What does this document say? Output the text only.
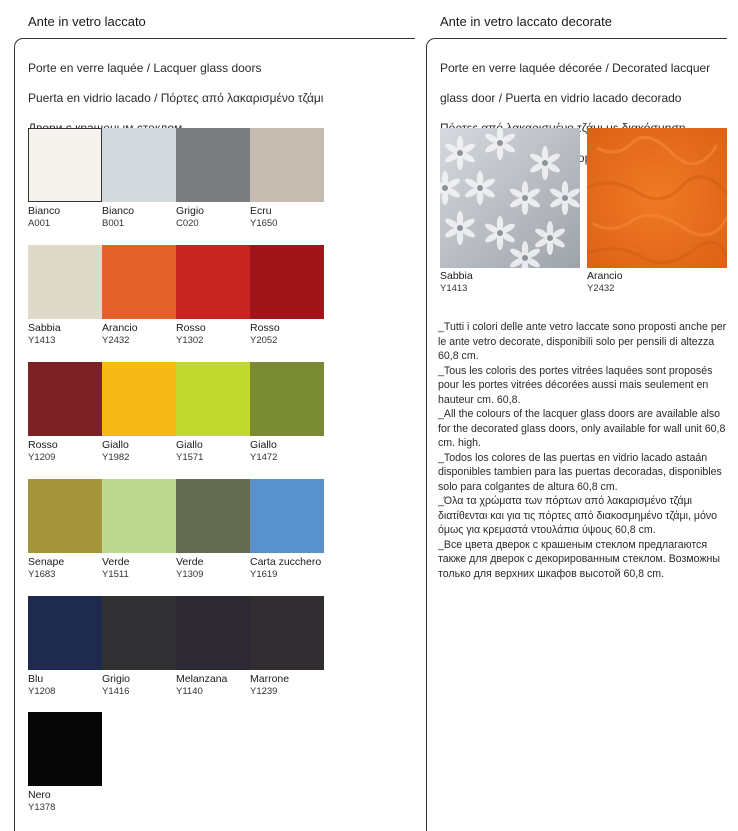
Ante in vetro laccato

Porte en verre laquée / Lacquer glass doors

Puerta en vidrio lacado / Πόρτες από λακαρισμένο τζάμι

Bianco
A001
Bianco
B001
Grigio
C020
Ecru
Y1650
Sabbia
Y1413
Arancio
Y2432
Rosso
Y1302
Rosso
Y2052
Rosso
Y1209
Giallo
Y1982
Giallo
Y1571
Giallo
Y1472
Senape
Y1683
Verde
Y1511
Verde
Y1309
Carta zucchero
Y1619
Blu
Y1208
Grigio
Y1416
Melanzana
Y1140
Marrone
Y1239
Nero
Y1378
Ante in vetro laccato decorate

Porte en verre laquée décorée / Decorated lacquer

glass door / Puerta en vidrio lacado decorado

Sabbia
Y1413
Arancio
Y2432

_Tutti i colori delle ante vetro laccate sono proposti anche per le ante vetro decorate, disponibili solo per pensili di altezza 60,8 cm.

_Tous les coloris des portes vitrées laquées sont proposés pour les portes vitrées décorées aussi mais seulement en hauteur cm. 60,8.

_All the colours of the lacquer glass doors are available also for the decorated glass doors, only available for wall unit 60,8 cm. high.

_Todos los colores de las puertas en vidrio lacado astaán disponibles tambien para las puertas decoradas, disponibles solo para colgantes de altura 60,8 cm.

_Όλα τα χρώματα των πόρτων από λακαρισμένο τζάμι διατίθενται και για τις πόρτες από διακοσμημένο τζάμι, μόνο όμως για κρεμαστά ντουλάπια ύψους 60,8 cm.

_Все цвета дверок с крашеным стеклом предлагаются также для дверок с декорированным стеклом. Возможны только для верхних шкафов высотой 60,8 cm.
